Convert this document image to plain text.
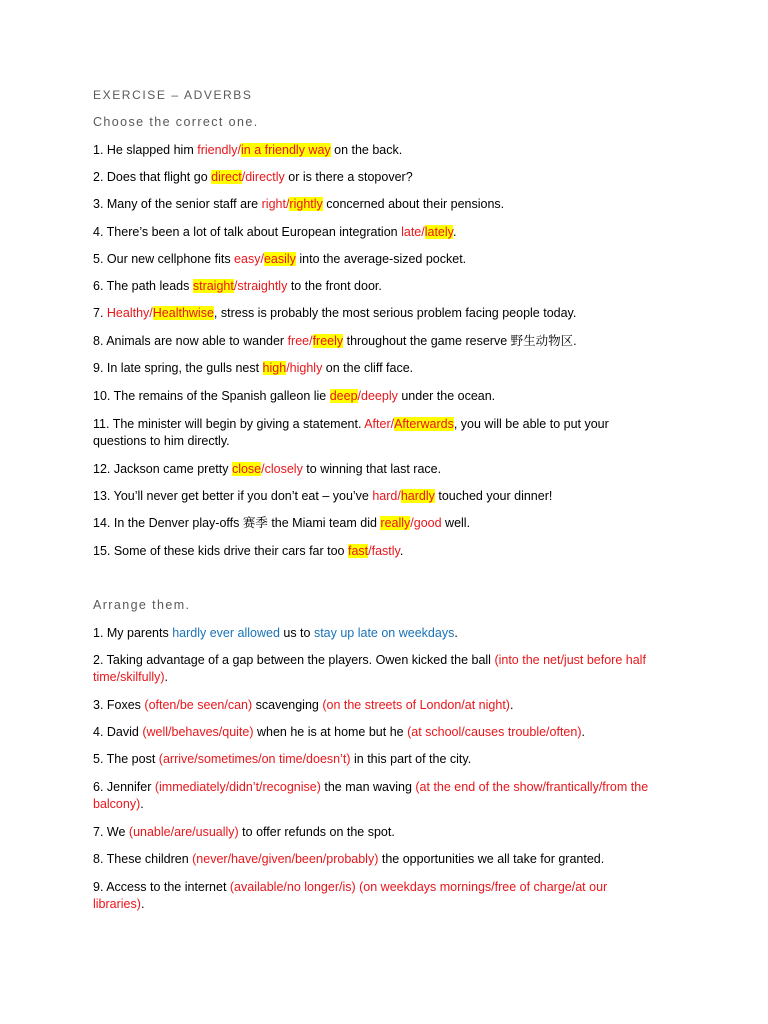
EXERCISE – ADVERBS
Choose the correct one.
1. He slapped him friendly/in a friendly way on the back.
2. Does that flight go direct/directly or is there a stopover?
3. Many of the senior staff are right/rightly concerned about their pensions.
4. There’s been a lot of talk about European integration late/lately.
5. Our new cellphone fits easy/easily into the average-sized pocket.
6. The path leads straight/straightly to the front door.
7. Healthy/Healthwise, stress is probably the most serious problem facing people today.
8. Animals are now able to wander free/freely throughout the game reserve 野生动物区.
9. In late spring, the gulls nest high/highly on the cliff face.
10. The remains of the Spanish galleon lie deep/deeply under the ocean.
11. The minister will begin by giving a statement. After/Afterwards, you will be able to put your questions to him directly.
12. Jackson came pretty close/closely to winning that last race.
13. You’ll never get better if you don’t eat – you’ve hard/hardly touched your dinner!
14. In the Denver play-offs 赛季 the Miami team did really/good well.
15. Some of these kids drive their cars far too fast/fastly.
Arrange them.
1. My parents hardly ever allowed us to stay up late on weekdays.
2. Taking advantage of a gap between the players. Owen kicked the ball (into the net/just before half time/skilfully).
3. Foxes (often/be seen/can) scavenging (on the streets of London/at night).
4. David (well/behaves/quite) when he is at home but he (at school/causes trouble/often).
5. The post (arrive/sometimes/on time/doesn’t) in this part of the city.
6. Jennifer (immediately/didn’t/recognise) the man waving (at the end of the show/frantically/from the balcony).
7. We (unable/are/usually) to offer refunds on the spot.
8. These children (never/have/given/been/probably) the opportunities we all take for granted.
9. Access to the internet (available/no longer/is) (on weekdays mornings/free of charge/at our libraries).
